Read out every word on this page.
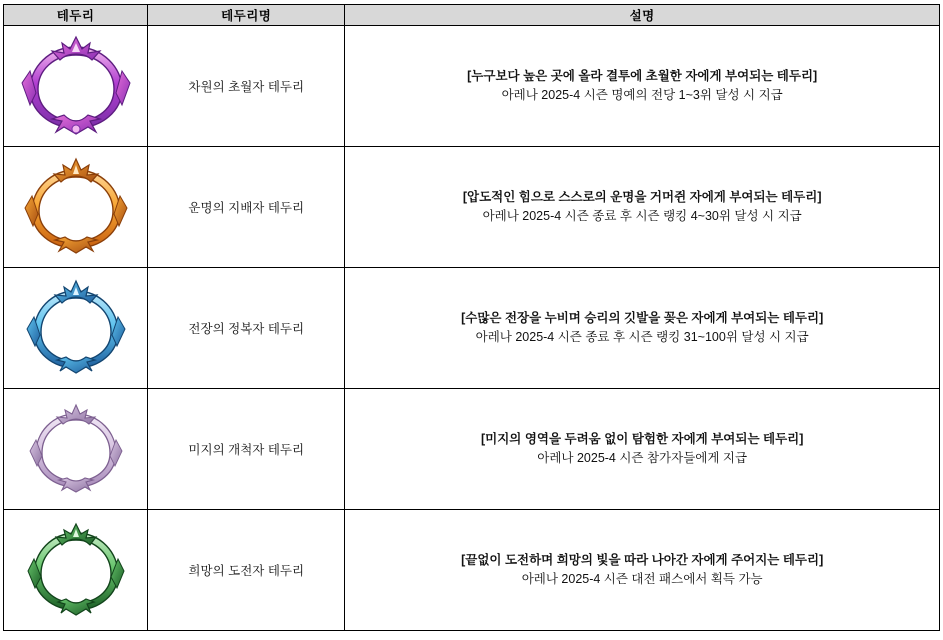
테두리	테두리명	설명

	차원의 초월자 테두리	[누구보다 높은 곳에 올라 결투에 초월한 자에게 부여되는 테두리]
아레나 2025-4 시즌 명예의 전당 1~3위 달성 시 지급

	운명의 지배자 테두리	[압도적인 힘으로 스스로의 운명을 거머쥔 자에게 부여되는 테두리]
아레나 2025-4 시즌 종료 후 시즌 랭킹 4~30위 달성 시 지급

	전장의 정복자 테두리	[수많은 전장을 누비며 승리의 깃발을 꽂은 자에게 부여되는 테두리]
아레나 2025-4 시즌 종료 후 시즌 랭킹 31~100위 달성 시 지급

	미지의 개척자 테두리	[미지의 영역을 두려움 없이 탐험한 자에게 부여되는 테두리]
아레나 2025-4 시즌 참가자들에게 지급

	희망의 도전자 테두리	[끝없이 도전하며 희망의 빛을 따라 나아간 자에게 주어지는 테두리]
아레나 2025-4 시즌 대전 패스에서 획득 가능
